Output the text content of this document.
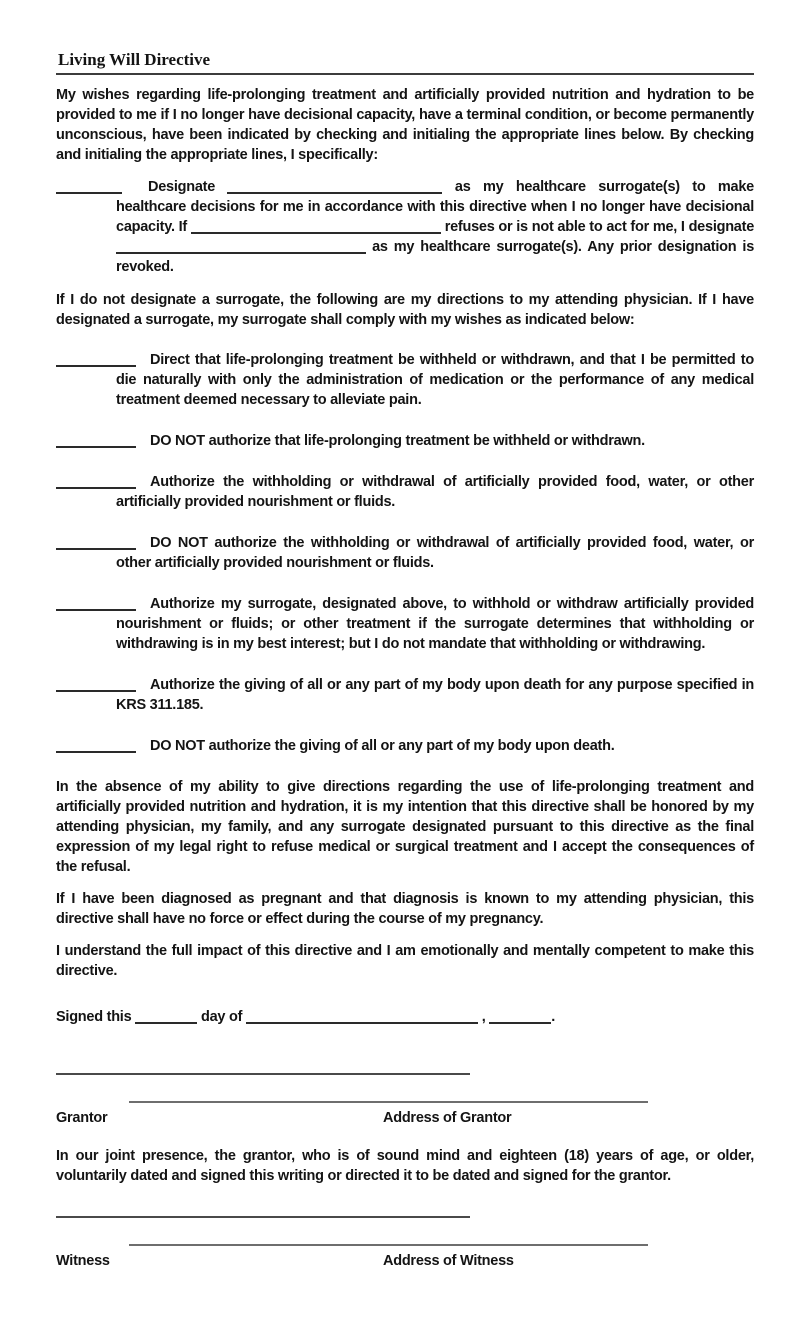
Living Will Directive

My wishes regarding life-prolonging treatment and artificially provided nutrition and hydration to be provided to me if I no longer have decisional capacity, have a terminal condition, or become permanently unconscious, have been indicated by checking and initialing the appropriate lines below. By checking and initialing the appropriate lines, I specifically:

Designate	as my healthcare surrogate(s) to make healthcare decisions for me in accordance with this directive when I no longer have decisional capacity. If	refuses or is not able to act for me, I designate  as my healthcare surrogate(s). Any prior designation is revoked.

If I do not designate a surrogate, the following are my directions to my attending physician. If I have designated a surrogate, my surrogate shall comply with my wishes as indicated below:

Direct that life-prolonging treatment be withheld or withdrawn, and that I be permitted to die naturally with only the administration of medication or the performance of any medical treatment deemed necessary to alleviate pain.

DO NOT authorize that life-prolonging treatment be withheld or withdrawn.

Authorize the withholding or withdrawal of artificially provided food, water, or other artificially provided nourishment or fluids.

DO NOT authorize the withholding or withdrawal of artificially provided food, water, or other artificially provided nourishment or fluids.

Authorize my surrogate, designated above, to withhold or withdraw artificially provided nourishment or fluids; or other treatment if the surrogate determines that withholding or withdrawing is in my best interest; but I do not mandate that withholding or withdrawing.

Authorize the giving of all or any part of my body upon death for any purpose specified in KRS 311.185.

DO NOT authorize the giving of all or any part of my body upon death.

In the absence of my ability to give directions regarding the use of life-prolonging treatment and artificially provided nutrition and hydration, it is my intention that this directive shall be honored by my attending physician, my family, and any surrogate designated pursuant to this directive as the final expression of my legal right to refuse medical or surgical treatment and I accept the consequences of the refusal.

If I have been diagnosed as pregnant and that diagnosis is known to my attending physician, this directive shall have no force or effect during the course of my pregnancy.

I understand the full impact of this directive and I am emotionally and mentally competent to make this directive.

Signed this	day of	,	.

Grantor	Address of Grantor

In our joint presence, the grantor, who is of sound mind and eighteen (18) years of age, or older, voluntarily dated and signed this writing or directed it to be dated and signed for the grantor.

Witness	Address of Witness
